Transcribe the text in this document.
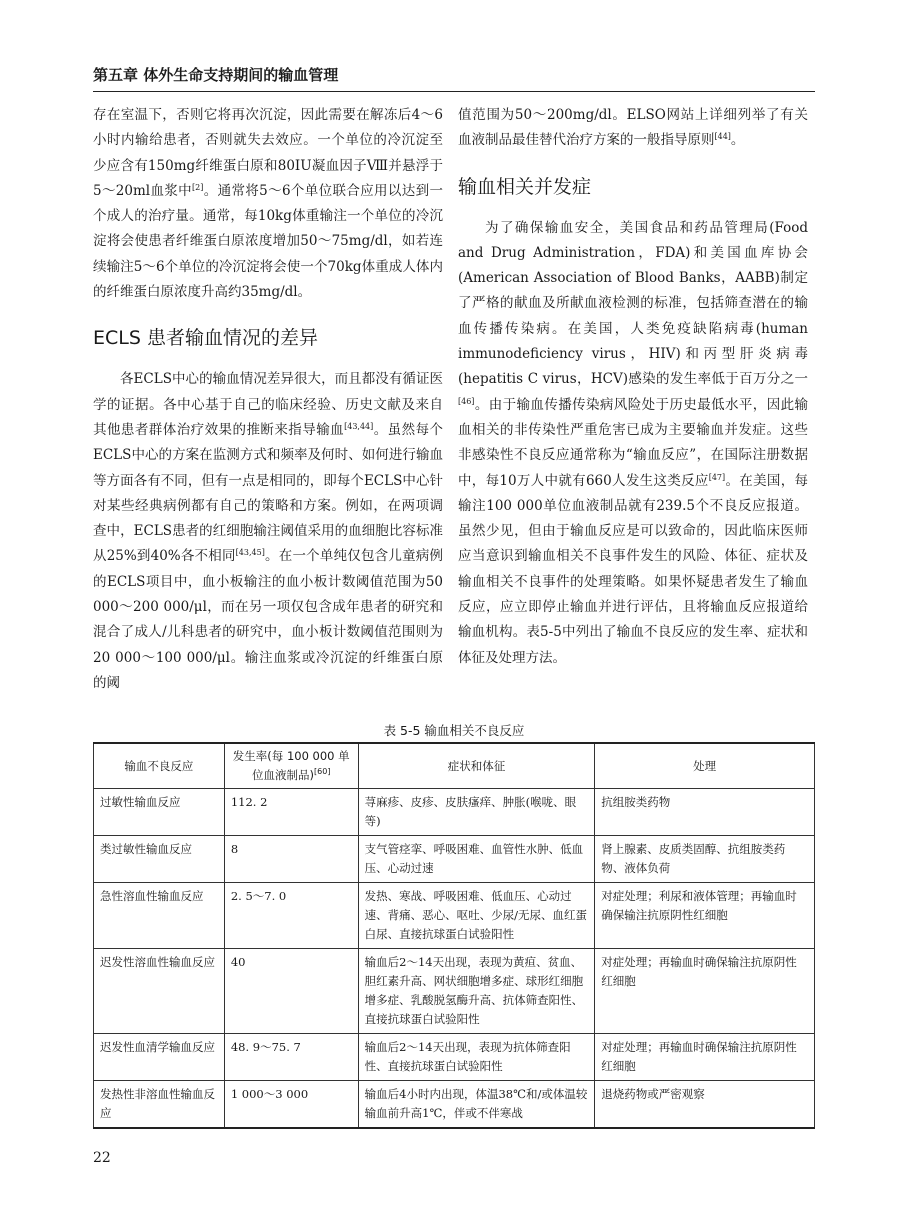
第五章 体外生命支持期间的输血管理

存在室温下，否则它将再次沉淀，因此需要在解冻后4～6小时内输给患者，否则就失去效应。一个单位的冷沉淀至少应含有150mg纤维蛋白原和80IU凝血因子Ⅷ并悬浮于5～20ml血浆中[2]。通常将5～6个单位联合应用以达到一个成人的治疗量。通常，每10kg体重输注一个单位的冷沉淀将会使患者纤维蛋白原浓度增加50～75mg/dl，如若连续输注5～6个单位的冷沉淀将会使一个70kg体重成人体内的纤维蛋白原浓度升高约35mg/dl。

ECLS 患者输血情况的差异

各ECLS中心的输血情况差异很大，而且都没有循证医学的证据。各中心基于自己的临床经验、历史文献及来自其他患者群体治疗效果的推断来指导输血[43,44]。虽然每个ECLS中心的方案在监测方式和频率及何时、如何进行输血等方面各有不同，但有一点是相同的，即每个ECLS中心针对某些经典病例都有自己的策略和方案。例如，在两项调查中，ECLS患者的红细胞输注阈值采用的血细胞比容标准从25%到40%各不相同[43,45]。在一个单纯仅包含儿童病例的ECLS项目中，血小板输注的血小板计数阈值范围为50 000～200 000/μl，而在另一项仅包含成年患者的研究和混合了成人/儿科患者的研究中，血小板计数阈值范围则为20 000～100 000/μl。输注血浆或冷沉淀的纤维蛋白原的阈

值范围为50～200mg/dl。ELSO网站上详细列举了有关血液制品最佳替代治疗方案的一般指导原则[44]。

输血相关并发症

为了确保输血安全，美国食品和药品管理局(Food and Drug Administration，FDA)和美国血库协会(American Association of Blood Banks，AABB)制定了严格的献血及所献血液检测的标准，包括筛查潜在的输血传播传染病。在美国，人类免疫缺陷病毒(human immunodeficiency virus，HIV)和丙型肝炎病毒(hepatitis C virus，HCV)感染的发生率低于百万分之一[46]。由于输血传播传染病风险处于历史最低水平，因此输血相关的非传染性严重危害已成为主要输血并发症。这些非感染性不良反应通常称为“输血反应”，在国际注册数据中，每10万人中就有660人发生这类反应[47]。在美国，每输注100 000单位血液制品就有239.5个不良反应报道。虽然少见，但由于输血反应是可以致命的，因此临床医师应当意识到输血相关不良事件发生的风险、体征、症状及输血相关不良事件的处理策略。如果怀疑患者发生了输血反应，应立即停止输血并进行评估，且将输血反应报道给输血机构。表5-5中列出了输血不良反应的发生率、症状和体征及处理方法。

表 5-5 输血相关不良反应
输血不良反应	发生率(每 100 000 单位血液制品)[60]	症状和体征	处理
过敏性输血反应	112. 2	荨麻疹、皮疹、皮肤瘙痒、肿胀(喉咙、眼等)	抗组胺类药物
类过敏性输血反应	8	支气管痉挛、呼吸困难、血管性水肿、低血压、心动过速	肾上腺素、皮质类固醇、抗组胺类药物、液体负荷
急性溶血性输血反应	2. 5～7. 0	发热、寒战、呼吸困难、低血压、心动过速、背痛、恶心、呕吐、少尿/无尿、血红蛋白尿、直接抗球蛋白试验阳性	对症处理；利尿和液体管理；再输血时确保输注抗原阴性红细胞
迟发性溶血性输血反应	40	输血后2～14天出现，表现为黄疸、贫血、胆红素升高、网状细胞增多症、球形红细胞增多症、乳酸脱氢酶升高、抗体筛查阳性、直接抗球蛋白试验阳性	对症处理；再输血时确保输注抗原阴性红细胞
迟发性血清学输血反应	48. 9～75. 7	输血后2～14天出现，表现为抗体筛查阳性、直接抗球蛋白试验阳性	对症处理；再输血时确保输注抗原阴性红细胞
发热性非溶血性输血反应	1 000～3 000	输血后4小时内出现，体温38℃和/或体温较输血前升高1℃，伴或不伴寒战	退烧药物或严密观察
22
